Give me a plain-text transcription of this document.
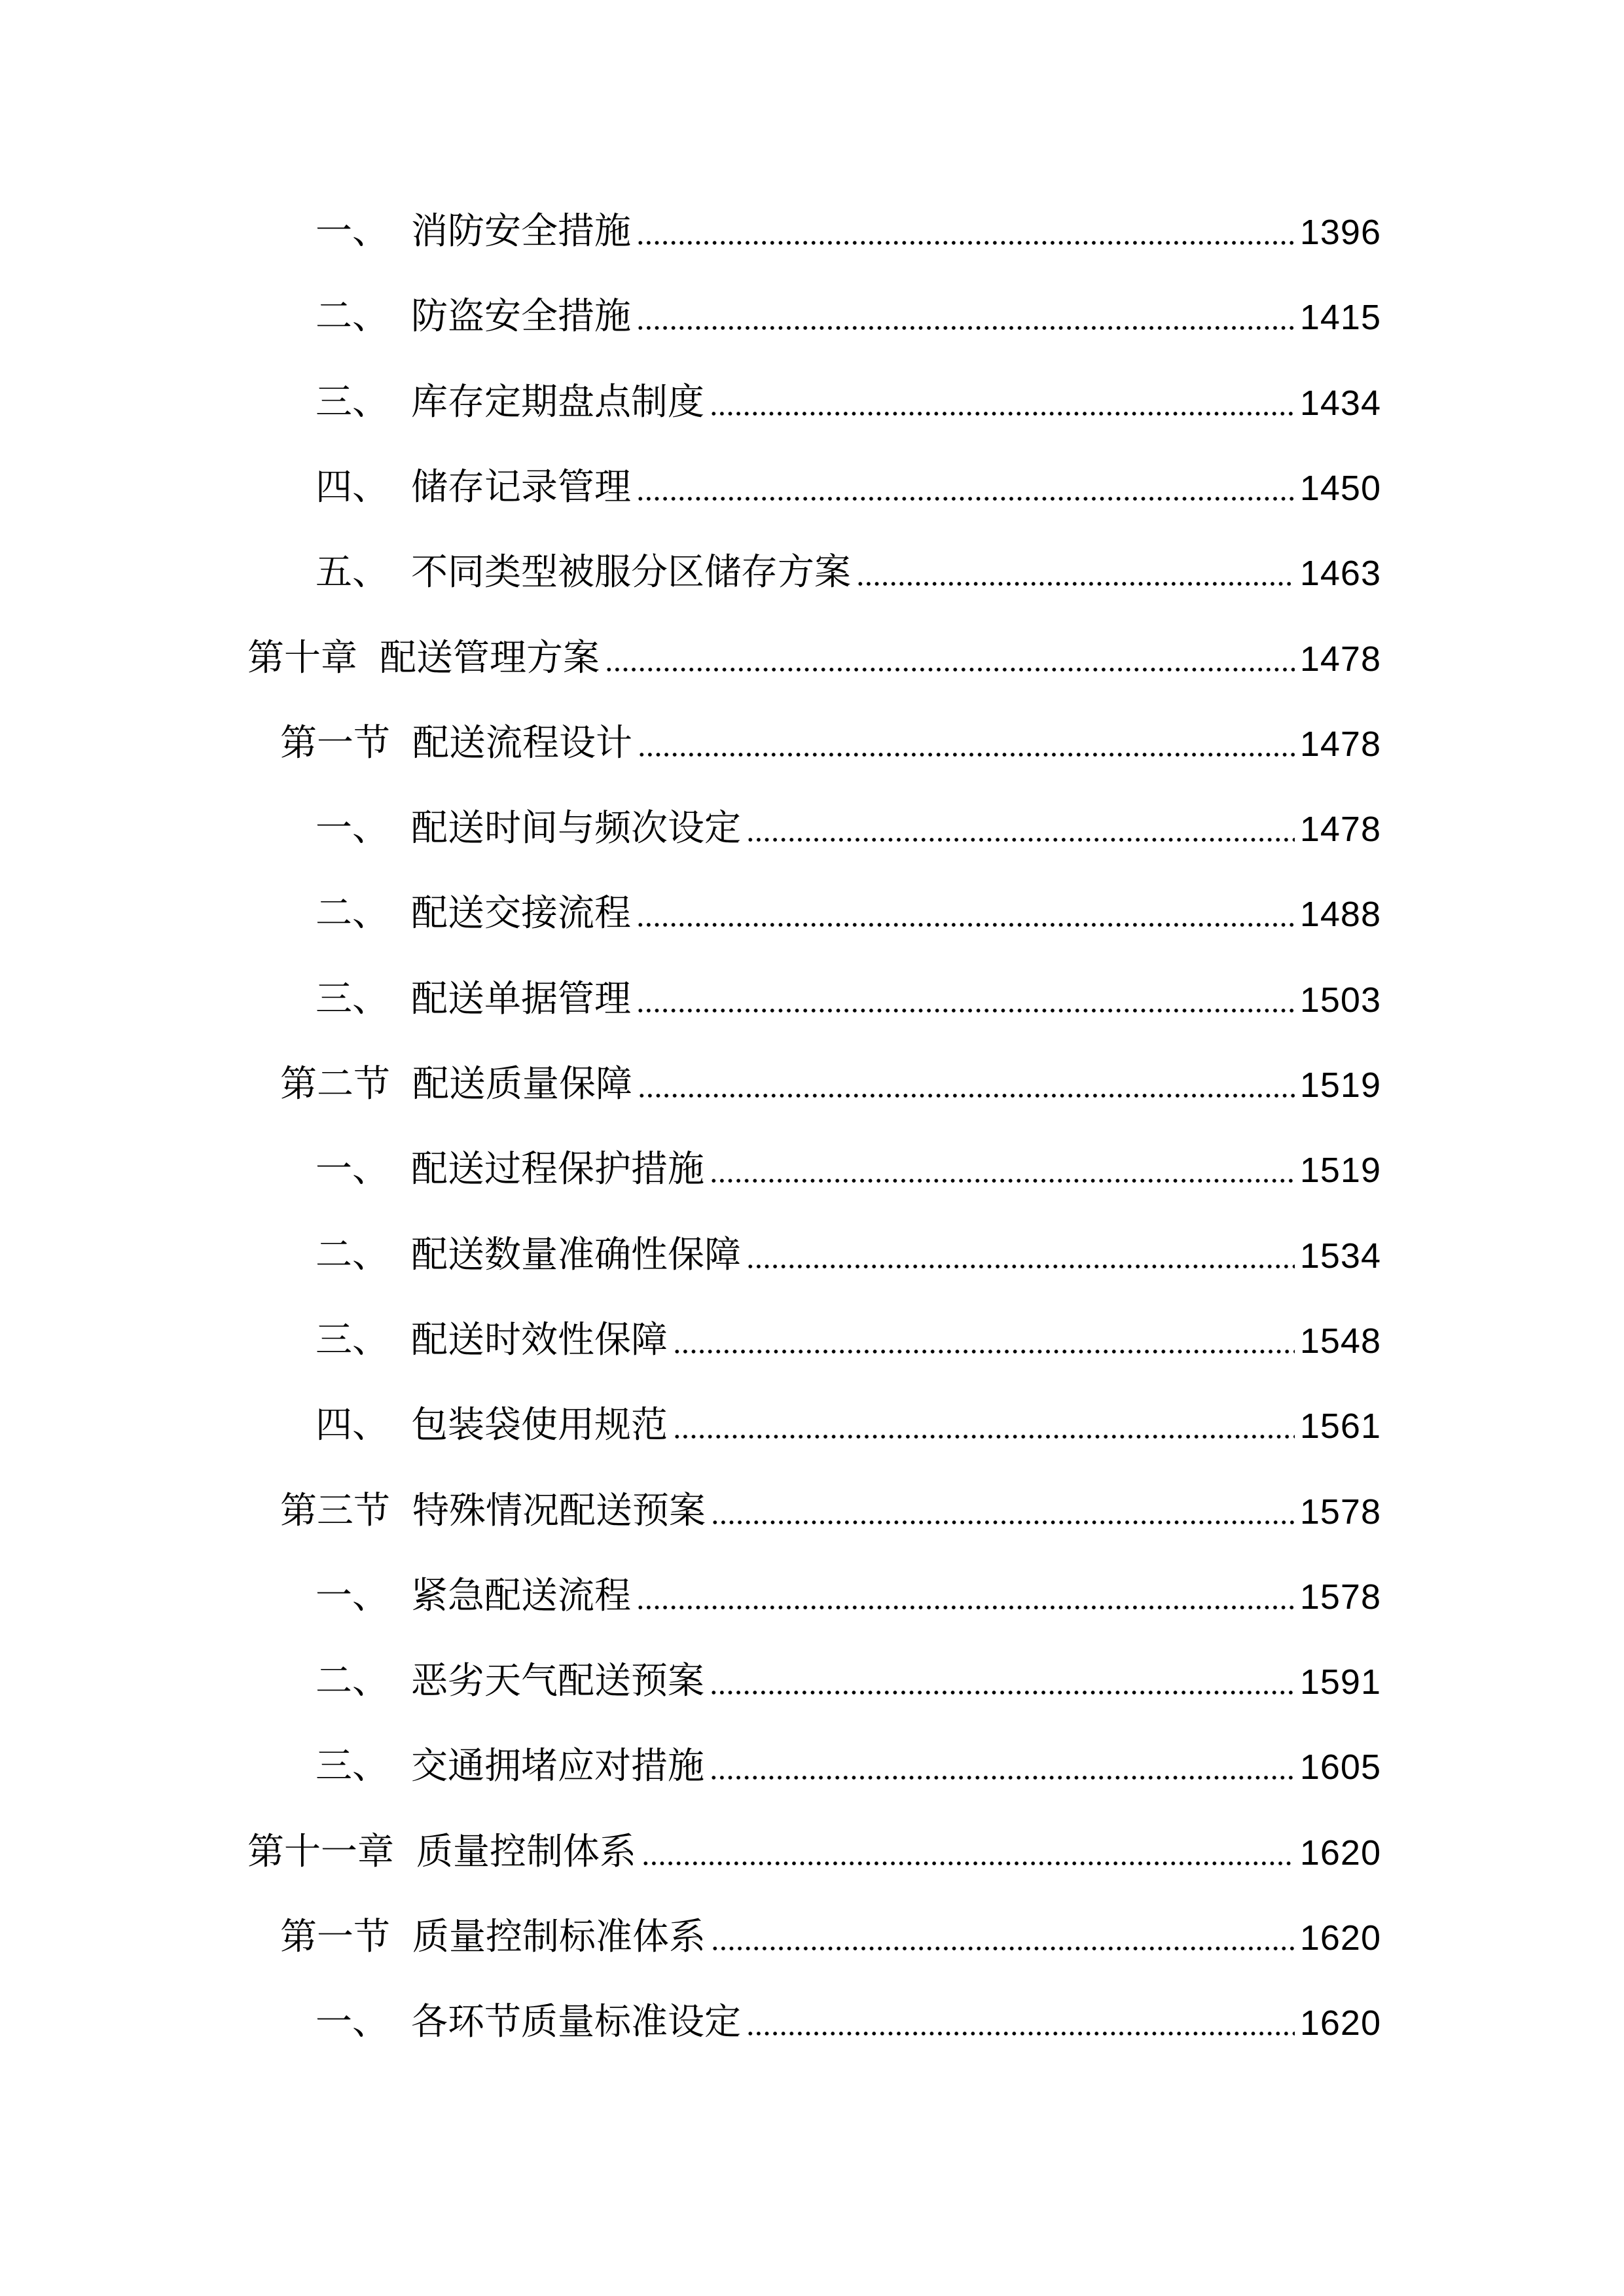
一、 消防安全措施	1396
二、 防盗安全措施	1415
三、 库存定期盘点制度	1434
四、 储存记录管理	1450
五、 不同类型被服分区储存方案	1463
第十章 配送管理方案	1478
第一节 配送流程设计	1478
一、 配送时间与频次设定	1478
二、 配送交接流程	1488
三、 配送单据管理	1503
第二节 配送质量保障	1519
一、 配送过程保护措施	1519
二、 配送数量准确性保障	1534
三、 配送时效性保障	1548
四、 包装袋使用规范	1561
第三节 特殊情况配送预案	1578
一、 紧急配送流程	1578
二、 恶劣天气配送预案	1591
三、 交通拥堵应对措施	1605
第十一章 质量控制体系	1620
第一节 质量控制标准体系	1620
一、 各环节质量标准设定	1620
